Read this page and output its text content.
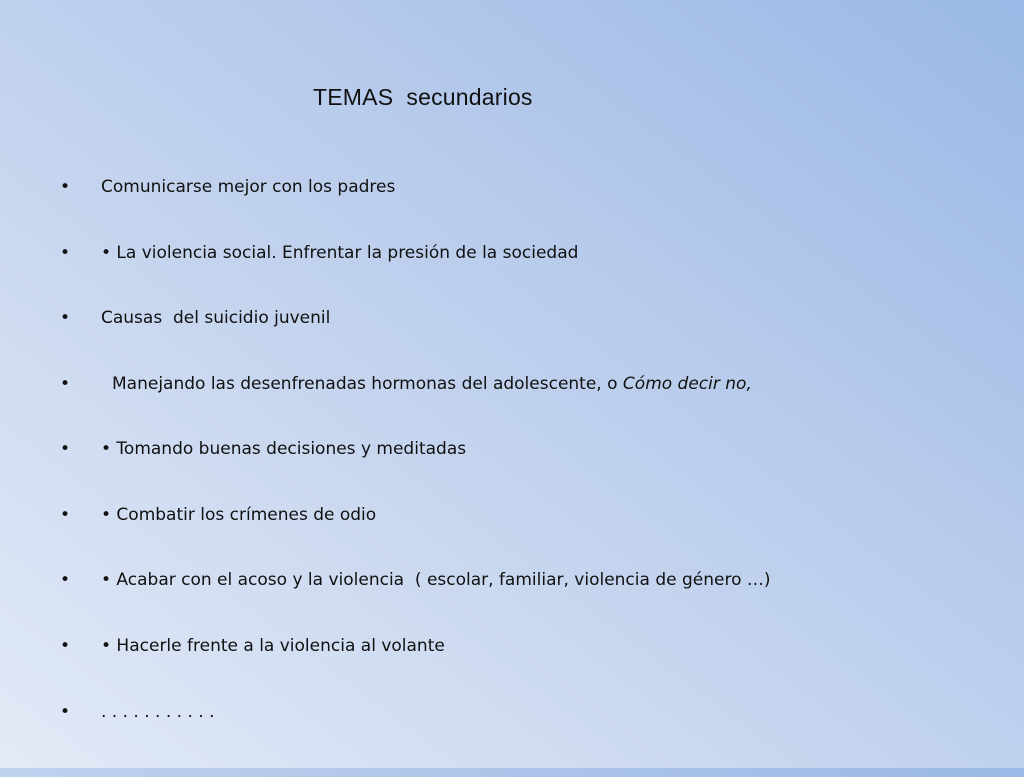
TEMAS  secundarios

•

Comunicarse mejor con los padres

•

• La violencia social. Enfrentar la presión de la sociedad

•

Causas  del suicidio juvenil

•

Manejando las desenfrenadas hormonas del adolescente, o Cómo decir no,

•

• Tomando buenas decisiones y meditadas

•

• Combatir los crímenes de odio

•

• Acabar con el acoso y la violencia  ( escolar, familiar, violencia de género …)

•

• Hacerle frente a la violencia al volante

•

. . . . . . . . . . .
